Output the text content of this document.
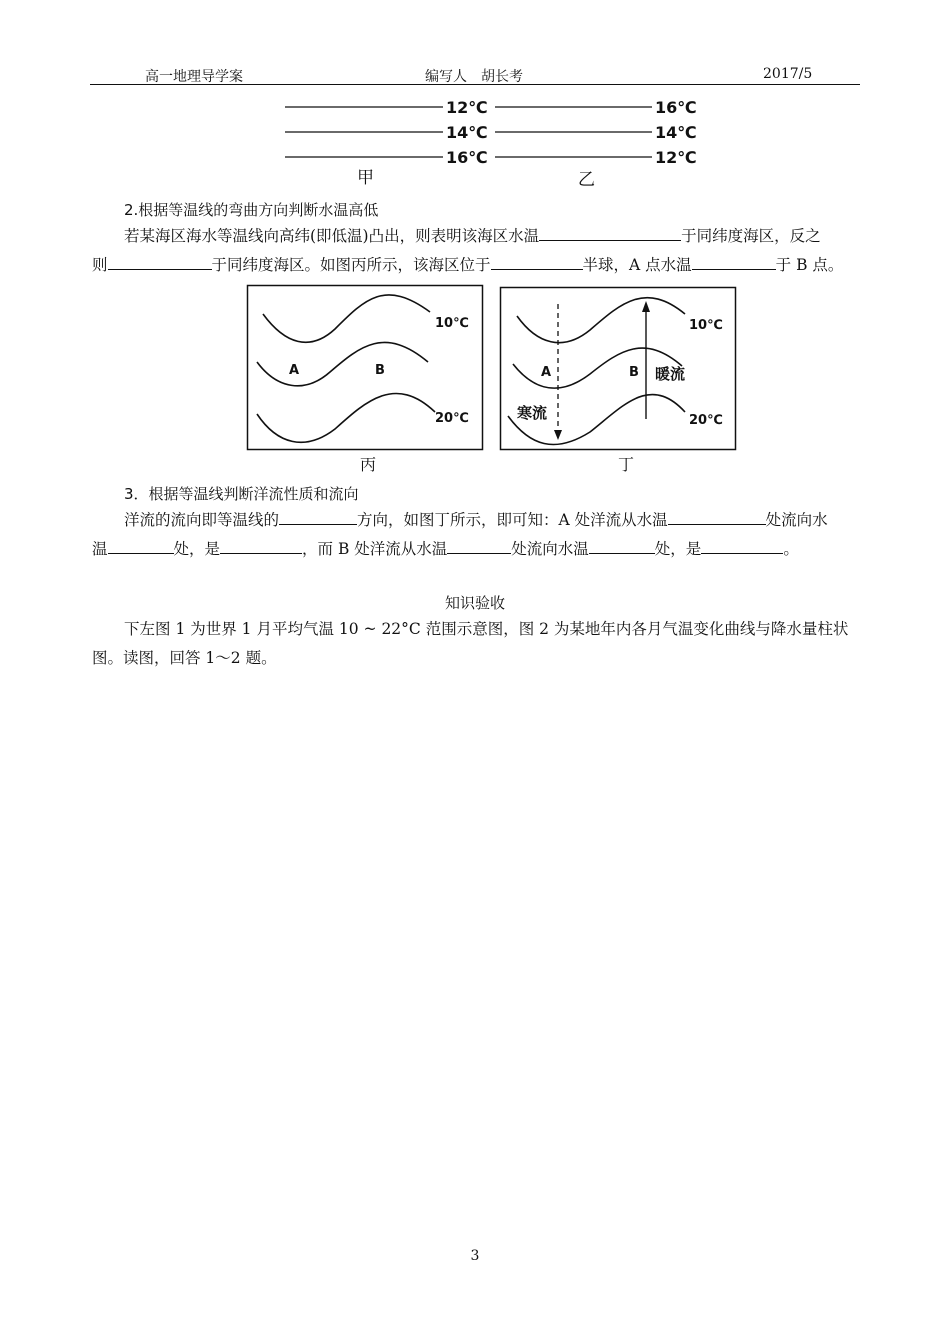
高一地理导学案	编写人　胡长考	2017/5
12℃
14℃
16℃
16℃
14℃
12℃
甲	乙
2.根据等温线的弯曲方向判断水温高低
若某海区海水等温线向高纬(即低温)凸出，则表明该海区水温	于同纬度海区，反之
则	于同纬度海区。如图丙所示，该海区位于	半球，A 点水温	于 B 点。
10℃
20℃
A	B
丙
10℃
20℃
A	B 暖流
寒流
丁
3．根据等温线判断洋流性质和流向
洋流的流向即等温线的	方向，如图丁所示，即可知：A 处洋流从水温	处流向水
温	处，是	，而 B 处洋流从水温	处流向水温	处，是	。
知识验收
下左图 1 为世界 1 月平均气温 10 ~ 22°C 范围示意图，图 2 为某地年内各月气温变化曲线与降水量柱状图。读图，回答 1～2 题。
3
